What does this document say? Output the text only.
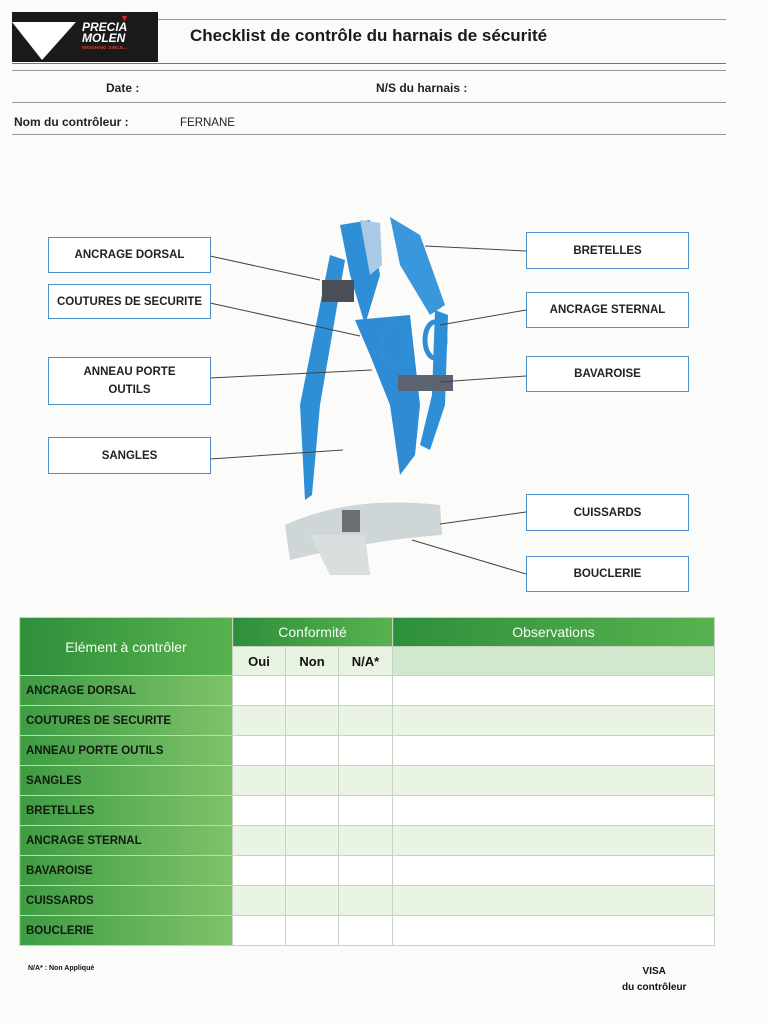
▼
PRECIA
MOLEN
WEIGHING SINCE...
Checklist de contrôle du harnais de sécurité
Date :	N/S du harnais :
Nom du contrôleur :	FERNANE
ANCRAGE DORSAL
COUTURES DE SECURITE
ANNEAU PORTE OUTILS
SANGLES
BRETELLES
ANCRAGE STERNAL
BAVAROISE
CUISSARDS
BOUCLERIE
Elément à contrôler	Conformité			Observations
	Oui	Non	N/A*	
ANCRAGE DORSAL				
COUTURES DE SECURITE				
ANNEAU PORTE OUTILS				
SANGLES				
BRETELLES				
ANCRAGE STERNAL				
BAVAROISE				
CUISSARDS				
BOUCLERIE				
N/A* : Non Appliqué	VISA
du contrôleur
